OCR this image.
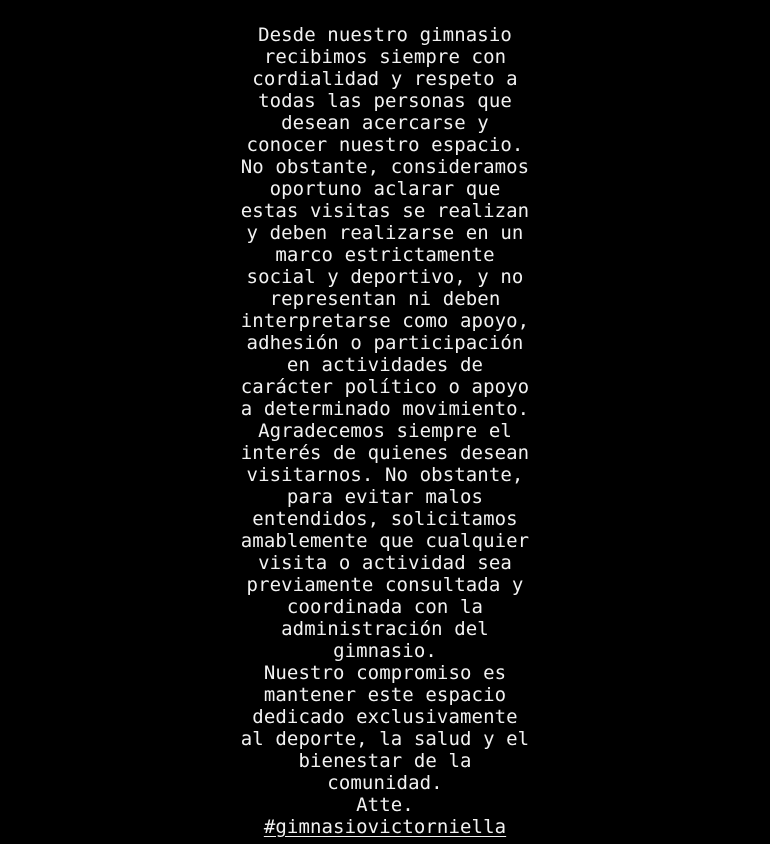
Desde nuestro gimnasio
recibimos siempre con
cordialidad y respeto a
todas las personas que
desean acercarse y
conocer nuestro espacio.
No obstante, consideramos
oportuno aclarar que
estas visitas se realizan
y deben realizarse en un
marco estrictamente
social y deportivo, y no
representan ni deben
interpretarse como apoyo,
adhesión o participación
en actividades de
carácter político o apoyo
a determinado movimiento.
Agradecemos siempre el
interés de quienes desean
visitarnos. No obstante,
para evitar malos
entendidos, solicitamos
amablemente que cualquier
visita o actividad sea
previamente consultada y
coordinada con la
administración del
gimnasio.
Nuestro compromiso es
mantener este espacio
dedicado exclusivamente
al deporte, la salud y el
bienestar de la
comunidad.
Atte.
#gimnasiovictorniella
